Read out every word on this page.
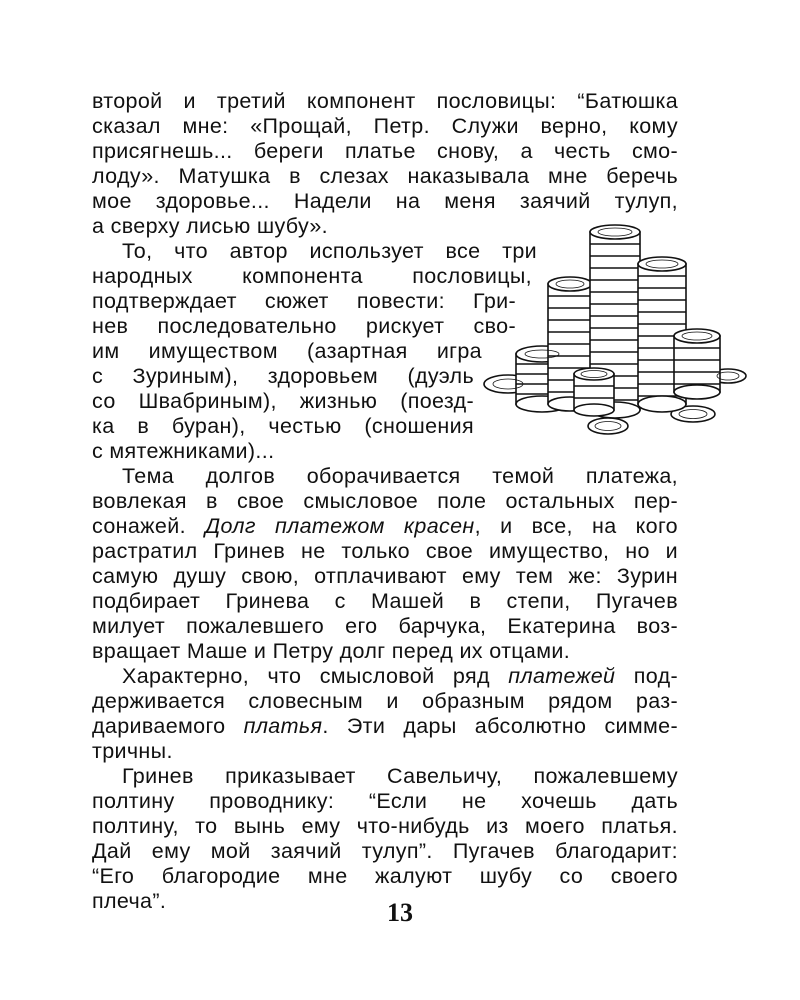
второй и третий компонент пословицы: “Батюшка
сказал мне: «Прощай, Петр. Служи верно, кому
присягнешь... береги платье снову, а честь смо-
лоду». Матушка в слезах наказывала мне беречь
мое здоровье... Надели на меня заячий тулуп,
а сверху лисью шубу».
То, что автор использует все три
народных компонента пословицы,
подтверждает сюжет повести: Гри-
нев последовательно рискует сво-
им имуществом (азартная игра
с Зуриным), здоровьем (дуэль
со Швабриным), жизнью (поезд-
ка в буран), честью (сношения
с мятежниками)...
Тема долгов оборачивается темой платежа,
вовлекая в свое смысловое поле остальных пер-
сонажей. Долг платежом красен, и все, на кого
растратил Гринев не только свое имущество, но и
самую душу свою, отплачивают ему тем же: Зурин
подбирает Гринева с Машей в степи, Пугачев
милует пожалевшего его барчука, Екатерина воз-
вращает Маше и Петру долг перед их отцами.
Характерно, что смысловой ряд платежей под-
держивается словесным и образным рядом раз-
дариваемого платья. Эти дары абсолютно симме-
тричны.
Гринев приказывает Савельичу, пожалевшему
полтину проводнику: “Если не хочешь дать
полтину, то вынь ему что-нибудь из моего платья.
Дай ему мой заячий тулуп”. Пугачев благодарит:
“Его благородие мне жалуют шубу со своего
плеча”.	13
